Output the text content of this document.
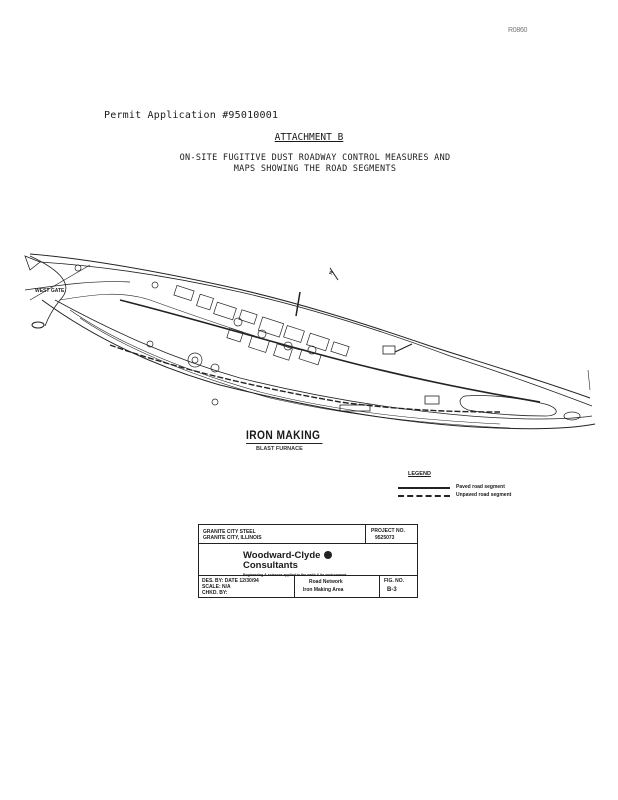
R0860
Permit Application #95010001
ATTACHMENT B
ON-SITE FUGITIVE DUST ROADWAY CONTROL MEASURES AND
MAPS SHOWING THE ROAD SEGMENTS
WEST GATE
N
IRON MAKING
BLAST FURNACE
LEGEND
Paved road segment
Unpaved road segment
GRANITE CITY STEEL
GRANITE CITY, ILLINOIS
PROJECT NO.
9525073
Woodward-Clyde
Consultants
Engineering & sciences applied to the earth & its environment
DES. BY: DATE 12/30/94
SCALE: N/A
CHKD. BY:
Road Network
Iron Making Area
FIG. NO.
B-3
